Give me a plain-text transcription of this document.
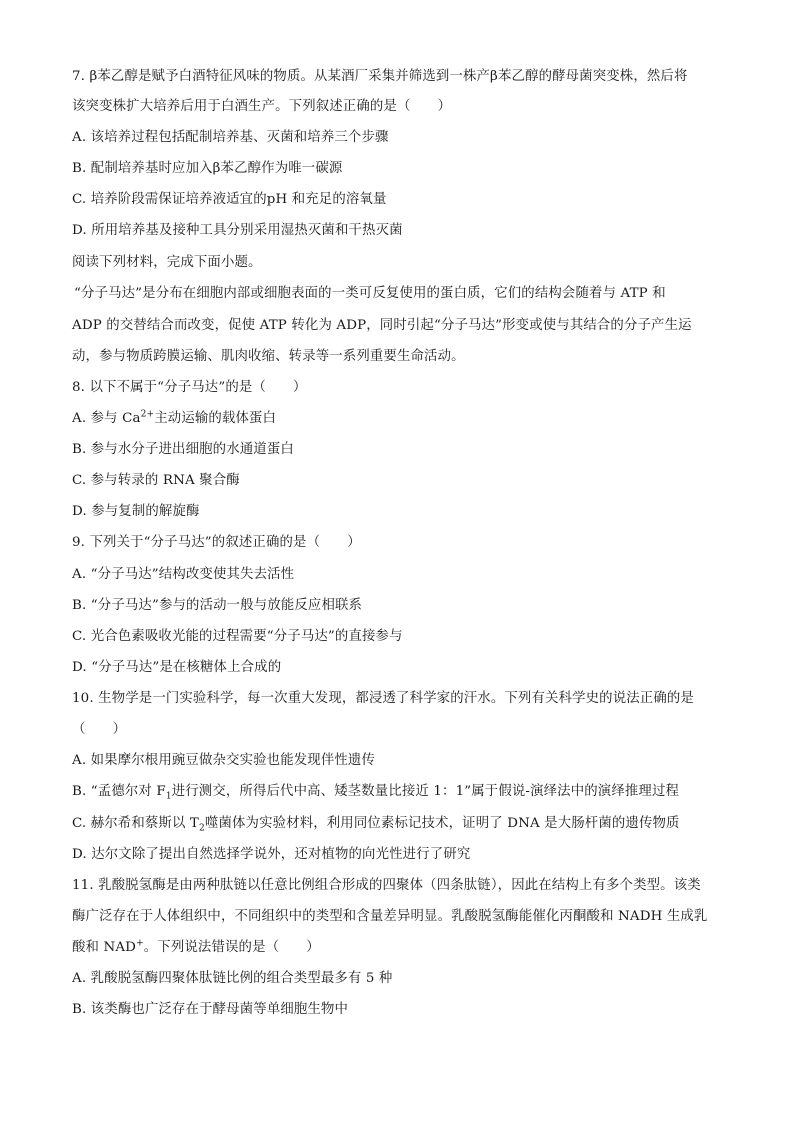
7. β苯乙醇是赋予白酒特征风味的物质。从某酒厂采集并筛选到一株产β苯乙醇的酵母菌突变株，然后将
该突变株扩大培养后用于白酒生产。下列叙述正确的是（　　）
A. 该培养过程包括配制培养基、灭菌和培养三个步骤
B. 配制培养基时应加入β苯乙醇作为唯一碳源
C. 培养阶段需保证培养液适宜的pH 和充足的溶氧量
D. 所用培养基及接种工具分别采用湿热灭菌和干热灭菌
阅读下列材料，完成下面小题。
“分子马达”是分布在细胞内部或细胞表面的一类可反复使用的蛋白质，它们的结构会随着与 ATP 和
ADP 的交替结合而改变，促使 ATP 转化为 ADP，同时引起“分子马达”形变或使与其结合的分子产生运
动，参与物质跨膜运输、肌肉收缩、转录等一系列重要生命活动。
8. 以下不属于“分子马达”的是（　　）
A. 参与 $Ca^{2+}$主动运输的载体蛋白
B. 参与水分子进出细胞的水通道蛋白
C. 参与转录的 RNA 聚合酶
D. 参与复制的解旋酶
9. 下列关于“分子马达”的叙述正确的是（　　）
A. “分子马达”结构改变使其失去活性
B. “分子马达”参与的活动一般与放能反应相联系
C. 光合色素吸收光能的过程需要“分子马达”的直接参与
D. “分子马达”是在核糖体上合成的
10. 生物学是一门实验科学，每一次重大发现，都浸透了科学家的汗水。下列有关科学史的说法正确的是
（　　）
A. 如果摩尔根用豌豆做杂交实验也能发现伴性遗传
B. “孟德尔对 $F_1$进行测交，所得后代中高、矮茎数量比接近 1：1”属于假说-演绎法中的演绎推理过程
C. 赫尔希和蔡斯以 $T_2$噬菌体为实验材料，利用同位素标记技术，证明了 DNA 是大肠杆菌的遗传物质
D. 达尔文除了提出自然选择学说外，还对植物的向光性进行了研究
11. 乳酸脱氢酶是由两种肽链以任意比例组合形成的四聚体（四条肽链），因此在结构上有多个类型。该类
酶广泛存在于人体组织中，不同组织中的类型和含量差异明显。乳酸脱氢酶能催化丙酮酸和 NADH 生成乳
酸和 NAD+。下列说法错误的是（　　）
A. 乳酸脱氢酶四聚体肽链比例的组合类型最多有 5 种
B. 该类酶也广泛存在于酵母菌等单细胞生物中
